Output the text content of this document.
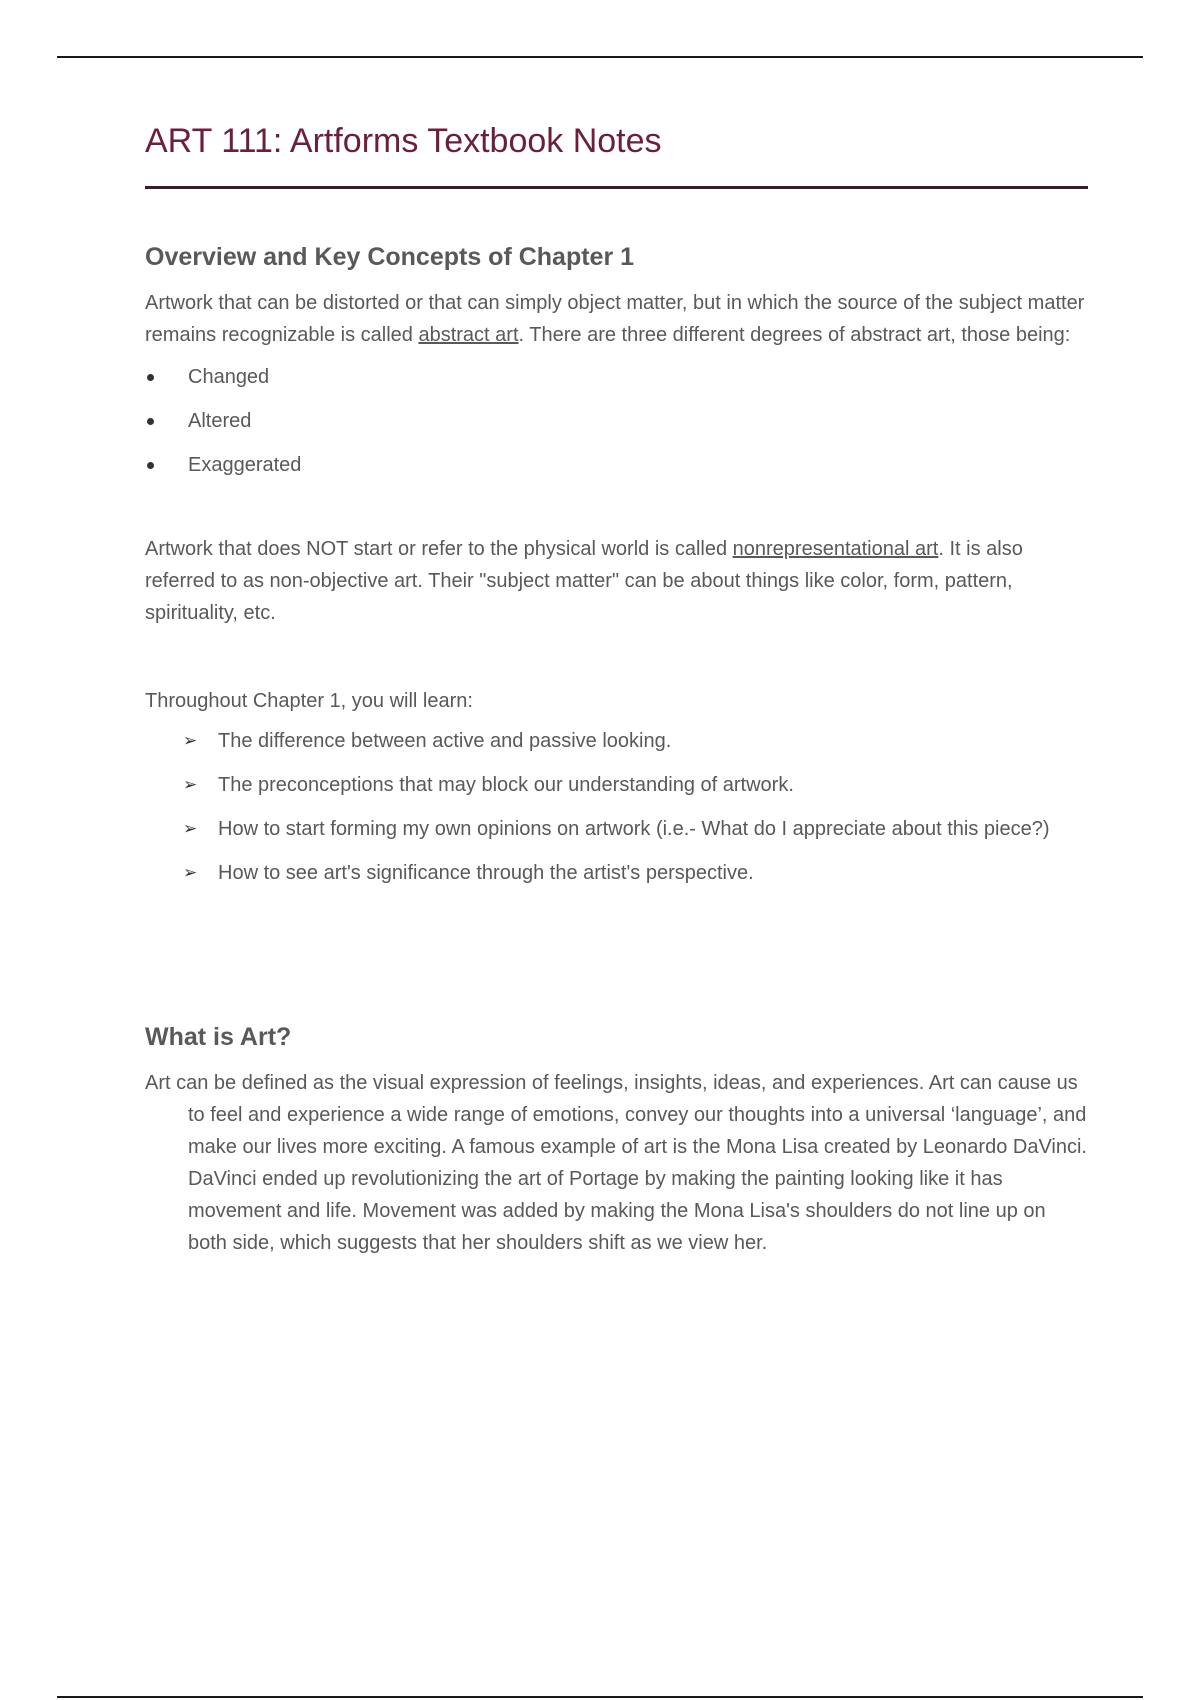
ART 111: Artforms Textbook Notes
Overview and Key Concepts of Chapter 1

Artwork that can be distorted or that can simply object matter, but in which the source of the subject matter remains recognizable is called abstract art. There are three different degrees of abstract art, those being:

Changed
Altered
Exaggerated

Artwork that does NOT start or refer to the physical world is called nonrepresentational art. It is also referred to as non-objective art. Their "subject matter" can be about things like color, form, pattern, spirituality, etc.

Throughout Chapter 1, you will learn:

➢ The difference between active and passive looking.
➢ The preconceptions that may block our understanding of artwork.
➢ How to start forming my own opinions on artwork (i.e.- What do I appreciate about this piece?)
➢ How to see art's significance through the artist's perspective.
What is Art?

Art can be defined as the visual expression of feelings, insights, ideas, and experiences. Art can cause us to feel and experience a wide range of emotions, convey our thoughts into a universal ‘language’, and make our lives more exciting. A famous example of art is the Mona Lisa created by Leonardo DaVinci. DaVinci ended up revolutionizing the art of Portage by making the painting looking like it has movement and life. Movement was added by making the Mona Lisa's shoulders do not line up on both side, which suggests that her shoulders shift as we view her.
